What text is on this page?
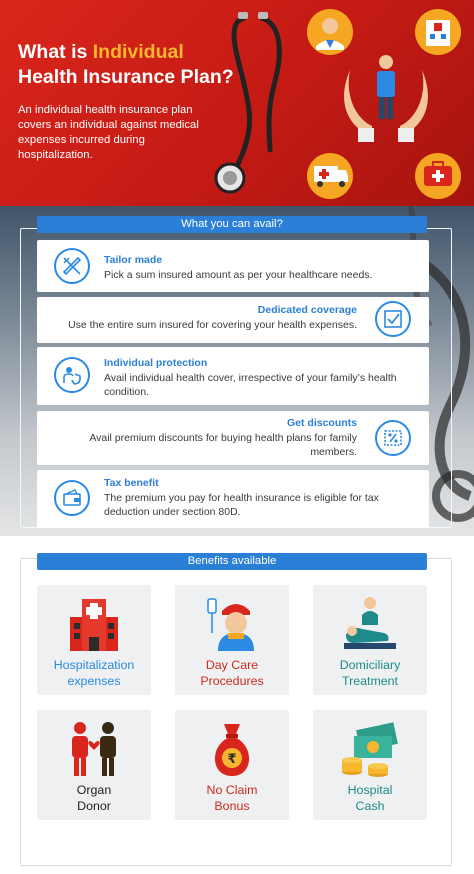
What is Individual
Health Insurance Plan?

An individual health insurance plan covers an individual against medical expenses incurred during hospitalization.

What you can avail?
Tailor made
Pick a sum insured amount as per your healthcare needs.
Dedicated coverage
Use the entire sum insured for covering your health expenses.
Individual protection
Avail individual health cover, irrespective of your family’s health condition.
Get discounts
Avail premium discounts for buying health plans for family members.
Tax benefit
The premium you pay for health insurance is eligible for tax deduction under section 80D.
Benefits available
Hospitalization
expenses
Day Care
Procedures
Domiciliary
Treatment
Organ
Donor
₹
No Claim
Bonus
Hospital
Cash
